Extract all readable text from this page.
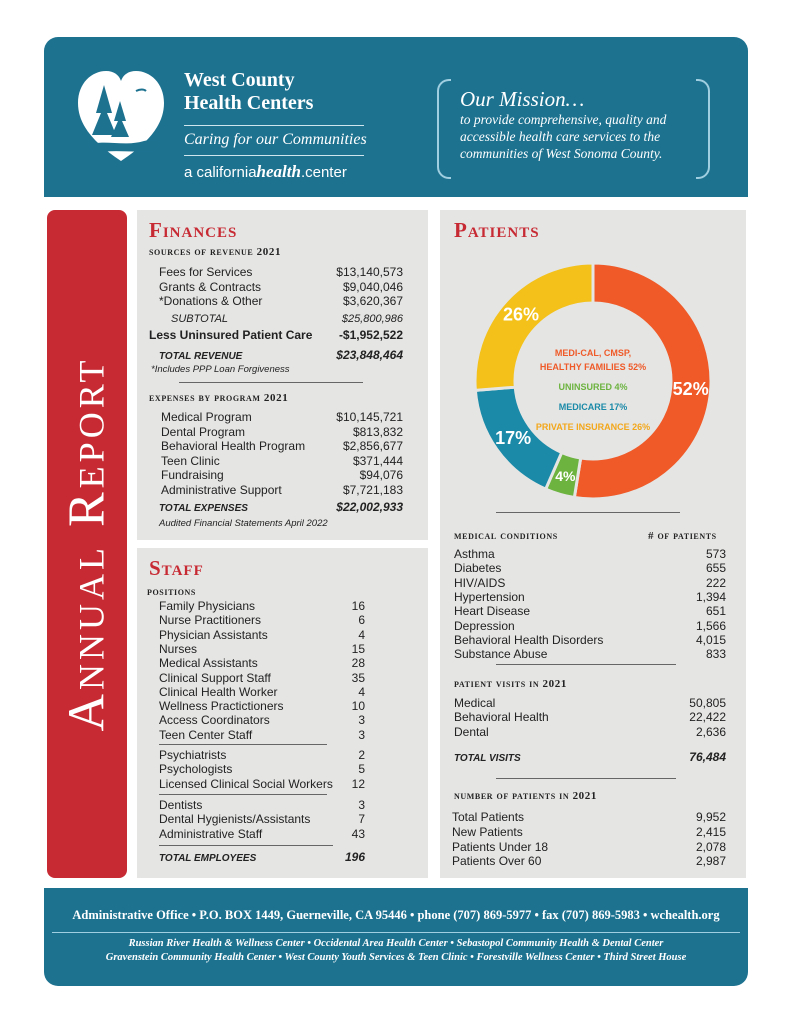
West County
Health Centers
Caring for our Communities
a californiahealth.center
Our Mission…
to provide comprehensive, quality and accessible health care services to the communities of West Sonoma County.
Annual Report
Finances
sources of revenue 2021
Fees for Services	$13,140,573
Grants & Contracts	$9,040,046
*Donations & Other	$3,620,367
SUBTOTAL	$25,800,986
Less Uninsured Patient Care -$1,952,522
TOTAL REVENUE	$23,848,464
*Includes PPP Loan Forgiveness
expenses by program 2021
Medical Program	$10,145,721
Dental Program	$813,832
Behavioral Health Program	$2,856,677
Teen Clinic	$371,444
Fundraising	$94,076
Administrative Support	$7,721,183
TOTAL EXPENSES	$22,002,933
Audited Financial Statements April 2022
Staff
positions
Family Physicians	16
Nurse Practitioners	6
Physician Assistants	4
Nurses	15
Medical Assistants	28
Clinical Support Staff	35
Clinical Health Worker	4
Wellness Practictioners	10
Access Coordinators	3
Teen Center Staff	3
Psychiatrists	2
Psychologists	5
Licensed Clinical Social Workers 12
Dentists	3
Dental Hygienists/Assistants	7
Administrative Staff	43
TOTAL EMPLOYEES	196
Patients
52%
4%
17%
26%
MEDI-CAL, CMSP,
HEALTHY FAMILIES 52%
UNINSURED 4%
MEDICARE 17%
PRIVATE INSURANCE 26%
medical conditions	# of patients
Asthma	573
Diabetes	655
HIV/AIDS	222
Hypertension	1,394
Heart Disease	651
Depression	1,566
Behavioral Health Disorders	4,015
Substance Abuse	833
patient visits in 2021
Medical	50,805
Behavioral Health	22,422
Dental	2,636
TOTAL VISITS	76,484
number of patients in 2021
Total Patients	9,952
New Patients	2,415
Patients Under 18	2,078
Patients Over 60	2,987
Administrative Office • P.O. BOX 1449, Guerneville, CA 95446 • phone (707) 869-5977 • fax (707) 869-5983 • wchealth.org
Russian River Health & Wellness Center • Occidental Area Health Center • Sebastopol Community Health & Dental Center
Gravenstein Community Health Center • West County Youth Services & Teen Clinic • Forestville Wellness Center • Third Street House
